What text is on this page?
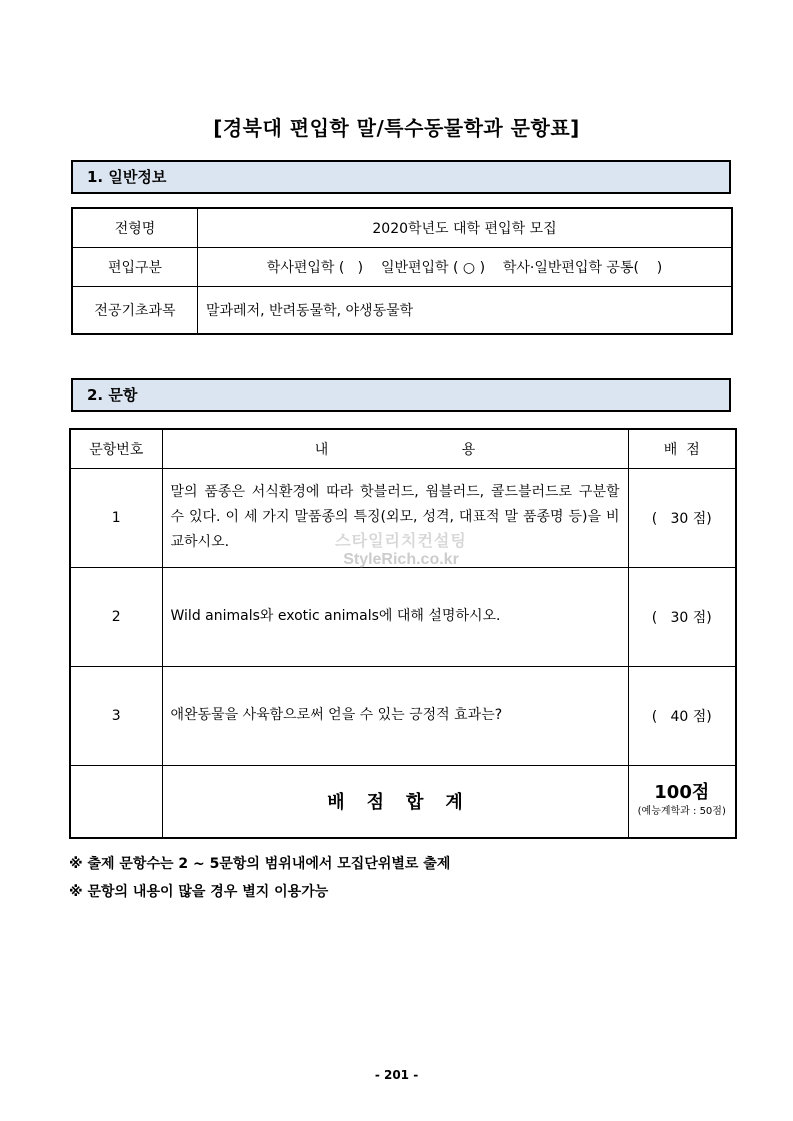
[경북대 편입학 말/특수동물학과 문항표]
1. 일반정보
전형명	2020학년도 대학 편입학 모집
편입구분	학사편입학 (   )    일반편입학 ( ○ )    학사·일반편입학 공통(    )
전공기초과목	말과레저, 반려동물학, 야생동물학
2. 문항
문항번호	내                              용	배  점
1	말의 품종은 서식환경에 따라 핫블러드, 웜블러드, 콜드블러드로 구분할 수 있다. 이 세 가지 말품종의 특징(외모, 성격, 대표적 말 품종명 등)을 비교하시오.	(   30 점)
2	Wild animals와 exotic animals에 대해 설명하시오.	(   30 점)
3	애완동물을 사육함으로써 얻을 수 있는 긍정적 효과는?	(   40 점)
	배점합계	100점
(예능계학과 : 50점)
스타일리치컨설팅
StyleRich.co.kr
※ 출제 문항수는 2 ~ 5문항의 범위내에서 모집단위별로 출제
※ 문항의 내용이 많을 경우 별지 이용가능
- 201 -
